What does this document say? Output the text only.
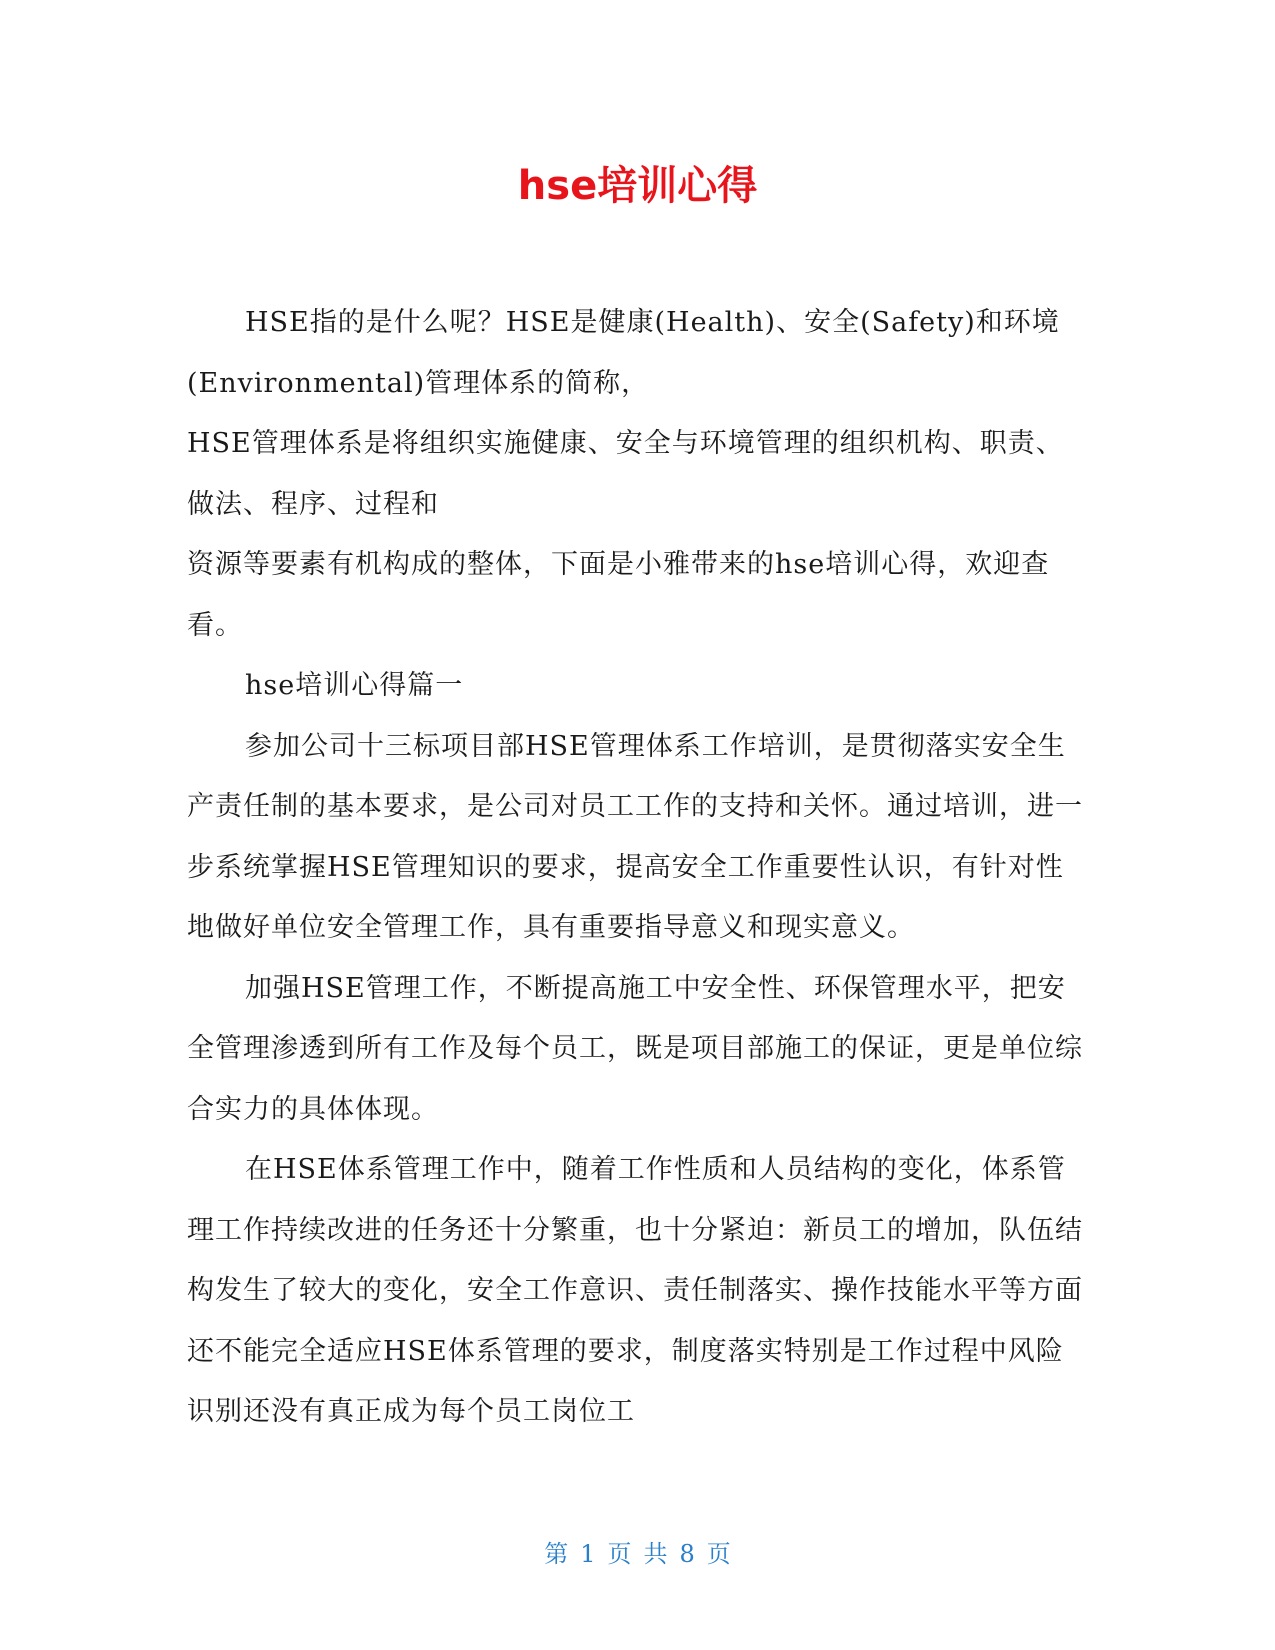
hse培训心得

HSE指的是什么呢？HSE是健康(Health)、安全(Safety)和环境(Environmental)管理体系的简称，

HSE管理体系是将组织实施健康、安全与环境管理的组织机构、职责、做法、程序、过程和

资源等要素有机构成的整体，下面是小雅带来的hse培训心得，欢迎查看。

hse培训心得篇一

参加公司十三标项目部HSE管理体系工作培训，是贯彻落实安全生产责任制的基本要求，是公司对员工工作的支持和关怀。通过培训，进一步系统掌握HSE管理知识的要求，提高安全工作重要性认识，有针对性地做好单位安全管理工作，具有重要指导意义和现实意义。

加强HSE管理工作，不断提高施工中安全性、环保管理水平，把安全管理渗透到所有工作及每个员工，既是项目部施工的保证，更是单位综合实力的具体体现。

在HSE体系管理工作中，随着工作性质和人员结构的变化，体系管理工作持续改进的任务还十分繁重，也十分紧迫：新员工的增加，队伍结构发生了较大的变化，安全工作意识、责任制落实、操作技能水平等方面还不能完全适应HSE体系管理的要求，制度落实特别是工作过程中风险识别还没有真正成为每个员工岗位工

第 1 页 共 8 页
